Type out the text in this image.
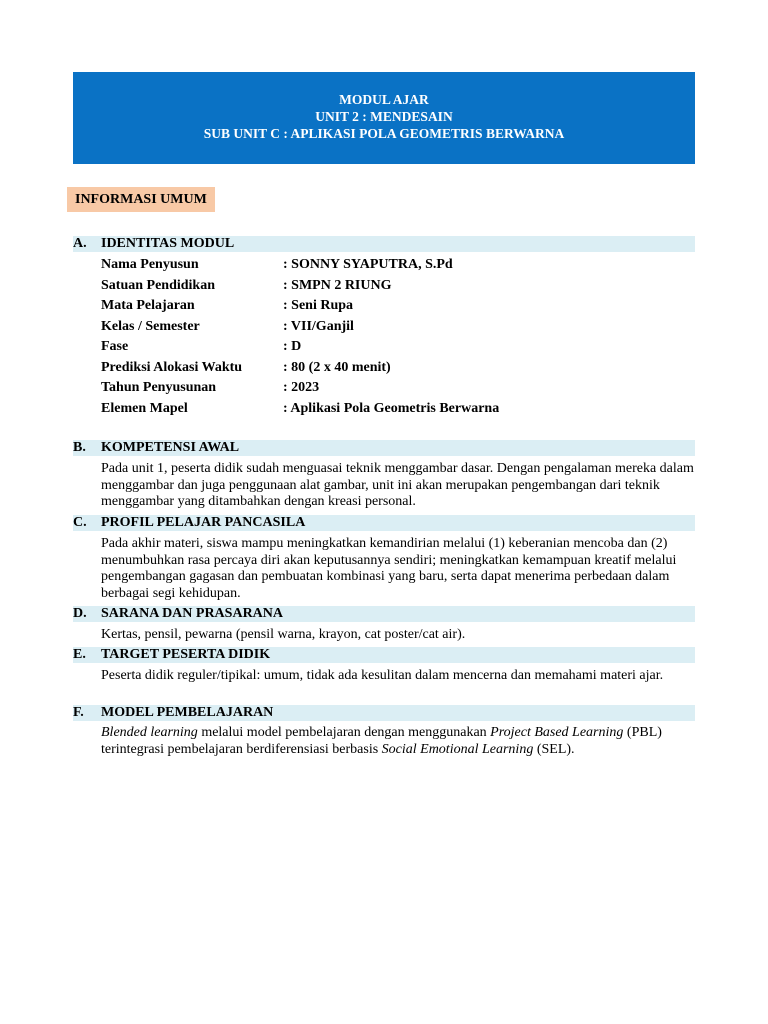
MODUL AJAR
UNIT 2 : MENDESAIN
SUB UNIT C : APLIKASI POLA GEOMETRIS BERWARNA
INFORMASI UMUM
A. IDENTITAS MODUL
Nama Penyusun	: SONNY SYAPUTRA, S.Pd
Satuan Pendidikan	: SMPN 2 RIUNG
Mata Pelajaran	: Seni Rupa
Kelas / Semester	: VII/Ganjil
Fase	: D
Prediksi Alokasi Waktu	: 80 (2 x 40 menit)
Tahun Penyusunan	: 2023
Elemen Mapel	: Aplikasi Pola Geometris Berwarna
B. KOMPETENSI AWAL
Pada unit 1, peserta didik sudah menguasai teknik menggambar dasar. Dengan pengalaman mereka dalam menggambar dan juga penggunaan alat gambar, unit ini akan merupakan pengembangan dari teknik menggambar yang ditambahkan dengan kreasi personal.
C. PROFIL PELAJAR PANCASILA
Pada akhir materi, siswa mampu meningkatkan kemandirian melalui (1) keberanian mencoba dan (2) menumbuhkan rasa percaya diri akan keputusannya sendiri; meningkatkan kemampuan kreatif melalui pengembangan gagasan dan pembuatan kombinasi yang baru, serta dapat menerima perbedaan dalam berbagai segi kehidupan.
D. SARANA DAN PRASARANA
Kertas, pensil, pewarna (pensil warna, krayon, cat poster/cat air).
E. TARGET PESERTA DIDIK
Peserta didik reguler/tipikal: umum, tidak ada kesulitan dalam mencerna dan memahami materi ajar.
F. MODEL PEMBELAJARAN
Blended learning melalui model pembelajaran dengan menggunakan Project Based Learning (PBL) terintegrasi pembelajaran berdiferensiasi berbasis Social Emotional Learning (SEL).
